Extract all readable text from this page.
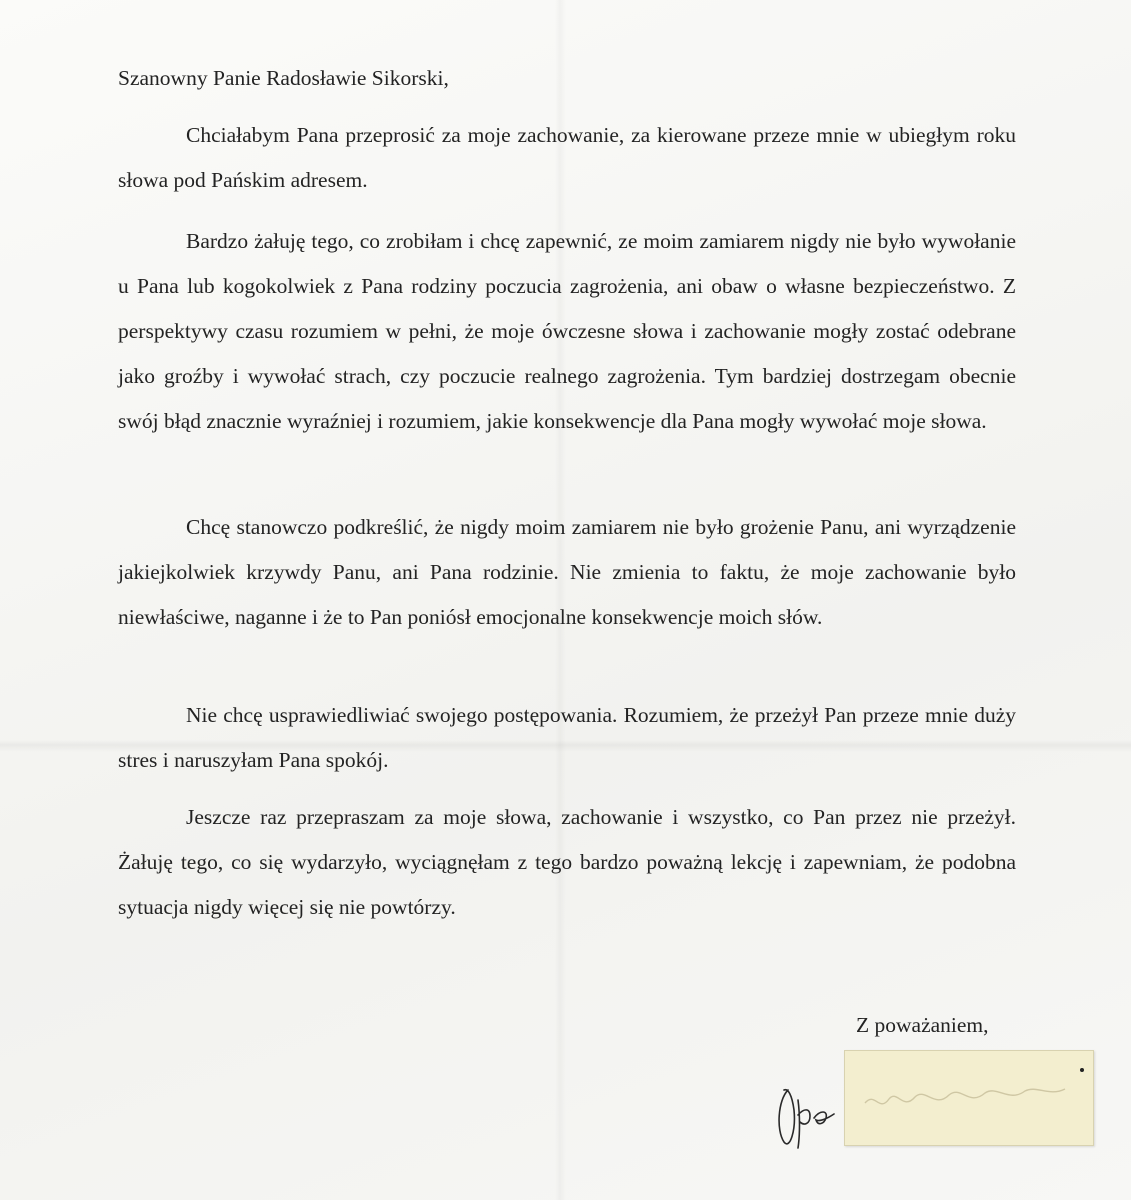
Szanowny Panie Radosławie Sikorski,
Chciałabym Pana przeprosić za moje zachowanie, za kierowane przeze mnie w ubiegłym roku słowa pod Pańskim adresem.
Bardzo żałuję tego, co zrobiłam i chcę zapewnić, ze moim zamiarem nigdy nie było wywołanie u Pana lub kogokolwiek z Pana rodziny poczucia zagrożenia, ani obaw o własne bezpieczeństwo. Z perspektywy czasu rozumiem w pełni, że moje ówczesne słowa i zachowanie mogły zostać odebrane jako groźby i wywołać strach, czy poczucie realnego zagrożenia. Tym bardziej dostrzegam obecnie swój błąd znacznie wyraźniej i rozumiem, jakie konsekwencje dla Pana mogły wywołać moje słowa.
Chcę stanowczo podkreślić, że nigdy moim zamiarem nie było grożenie Panu, ani wyrządzenie jakiejkolwiek krzywdy Panu, ani Pana rodzinie. Nie zmienia to faktu, że moje zachowanie było niewłaściwe, naganne i że to Pan poniósł emocjonalne konsekwencje moich słów.
Nie chcę usprawiedliwiać swojego postępowania. Rozumiem, że przeżył Pan przeze mnie duży stres i naruszyłam Pana spokój.
Jeszcze raz przepraszam za moje słowa, zachowanie i wszystko, co Pan przez nie przeżył. Żałuję tego, co się wydarzyło, wyciągnęłam z tego bardzo poważną lekcję i zapewniam, że podobna sytuacja nigdy więcej się nie powtórzy.
Z poważaniem,
